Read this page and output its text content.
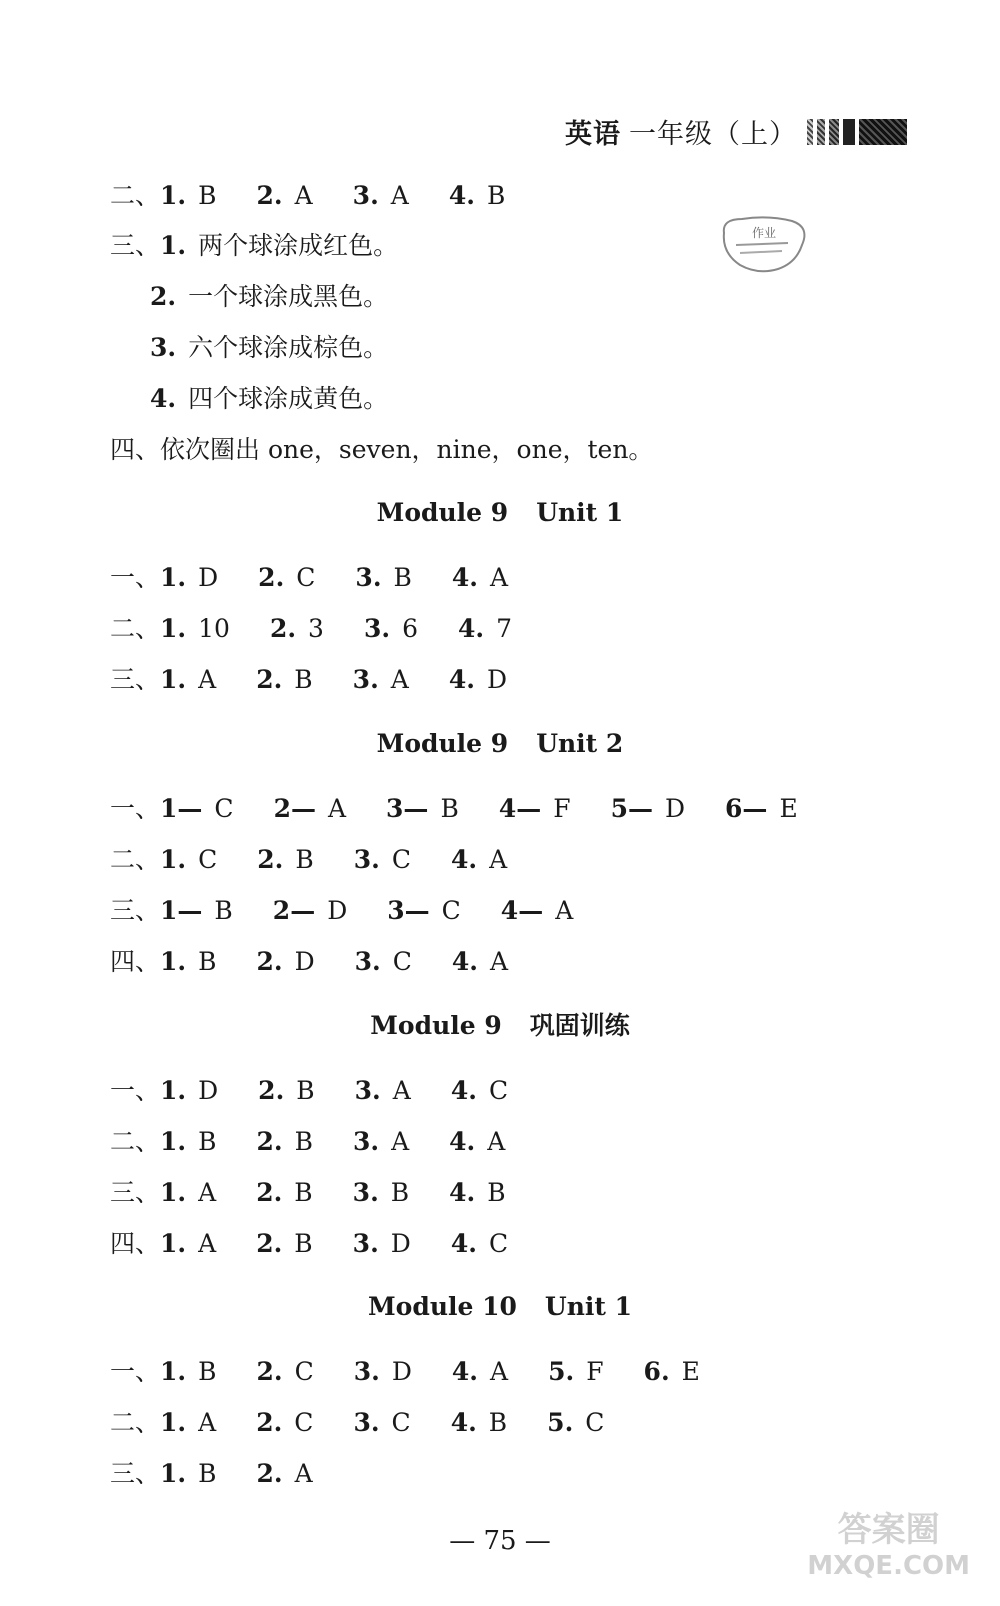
英语 一年级（上）
作业
二、1. B 2. A 3. A 4. B
三、1. 两个球涂成红色。
2. 一个球涂成黑色。
3. 六个球涂成棕色。
4. 四个球涂成黄色。
四、依次圈出 one，seven，nine，one，ten。
Module 9 Unit 1
一、1. D 2. C 3. B 4. A
二、1. 10 2. 3 3. 6 4. 7
三、1. A 2. B 3. A 4. D
Module 9 Unit 2
一、1— C 2— A 3— B 4— F 5— D 6— E
二、1. C 2. B 3. C 4. A
三、1— B 2— D 3— C 4— A
四、1. B 2. D 3. C 4. A
Module 9 巩固训练
一、1. D 2. B 3. A 4. C
二、1. B 2. B 3. A 4. A
三、1. A 2. B 3. B 4. B
四、1. A 2. B 3. D 4. C
Module 10 Unit 1
一、1. B 2. C 3. D 4. A 5. F 6. E
二、1. A 2. C 3. C 4. B 5. C
三、1. B 2. A
答案圈
MXQE.COM
— 75 —
